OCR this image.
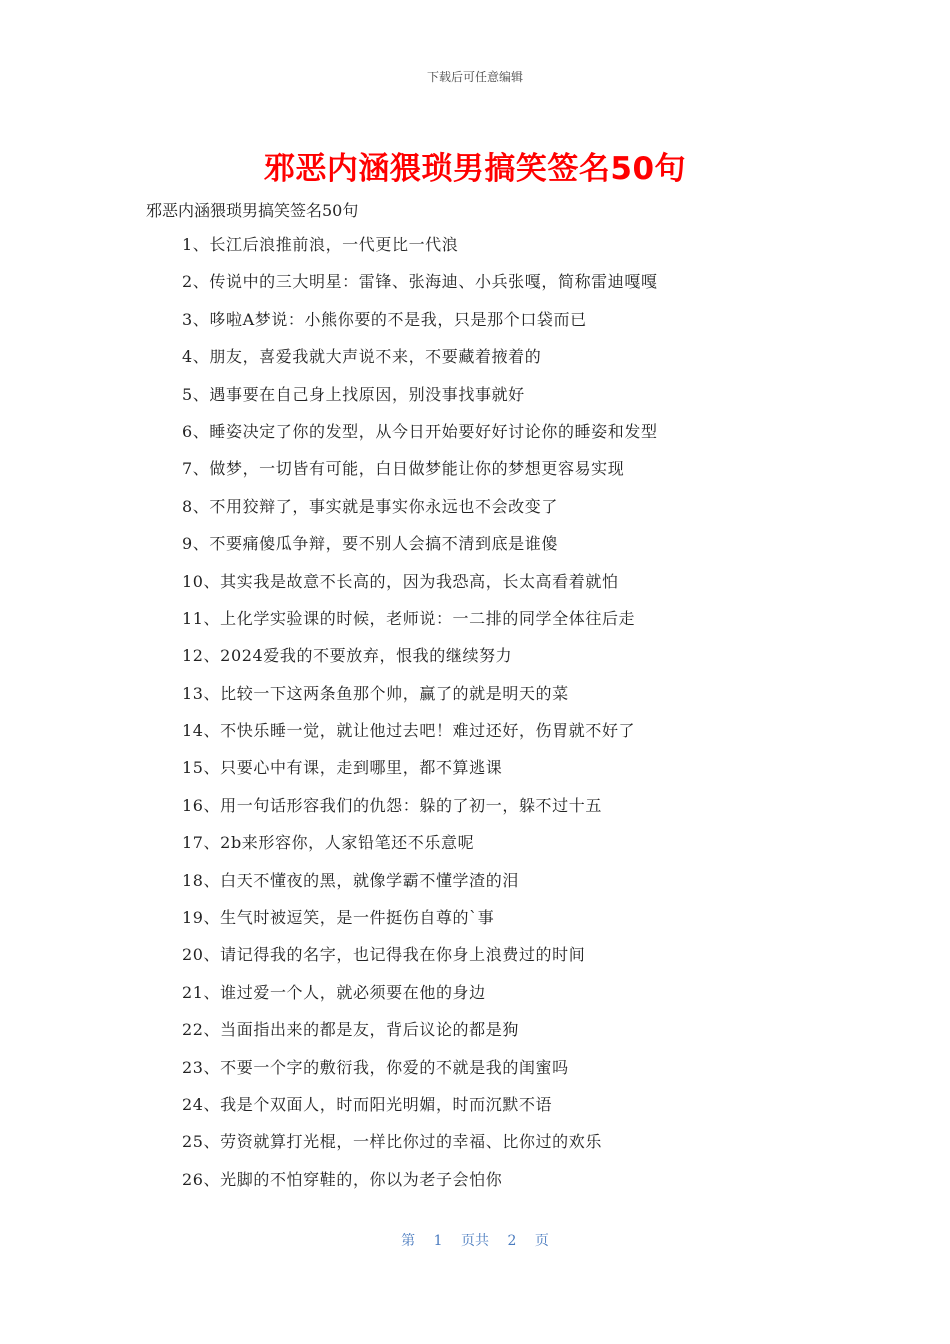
下载后可任意编辑
邪恶内涵猥琐男搞笑签名50句
邪恶内涵猥琐男搞笑签名50句
1、长江后浪推前浪，一代更比一代浪
2、传说中的三大明星：雷锋、张海迪、小兵张嘎，简称雷迪嘎嘎
3、哆啦A梦说：小熊你要的不是我，只是那个口袋而已
4、朋友，喜爱我就大声说不来，不要藏着掖着的
5、遇事要在自己身上找原因，别没事找事就好
6、睡姿决定了你的发型，从今日开始要好好讨论你的睡姿和发型
7、做梦，一切皆有可能，白日做梦能让你的梦想更容易实现
8、不用狡辩了，事实就是事实你永远也不会改变了
9、不要痛傻瓜争辩，要不别人会搞不清到底是谁傻
10、其实我是故意不长高的，因为我恐高，长太高看着就怕
11、上化学实验课的时候，老师说：一二排的同学全体往后走
12、2024爱我的不要放弃，恨我的继续努力
13、比较一下这两条鱼那个帅，赢了的就是明天的菜
14、不快乐睡一觉，就让他过去吧！难过还好，伤胃就不好了
15、只要心中有课，走到哪里，都不算逃课
16、用一句话形容我们的仇怨：躲的了初一，躲不过十五
17、2b来形容你，人家铅笔还不乐意呢
18、白天不懂夜的黑，就像学霸不懂学渣的泪
19、生气时被逗笑，是一件挺伤自尊的`事
20、请记得我的名字，也记得我在你身上浪费过的时间
21、谁过爱一个人，就必须要在他的身边
22、当面指出来的都是友，背后议论的都是狗
23、不要一个字的敷衍我，你爱的不就是我的闺蜜吗
24、我是个双面人，时而阳光明媚，时而沉默不语
25、劳资就算打光棍，一样比你过的幸福、比你过的欢乐
26、光脚的不怕穿鞋的，你以为老子会怕你
第 1 页共 2 页
